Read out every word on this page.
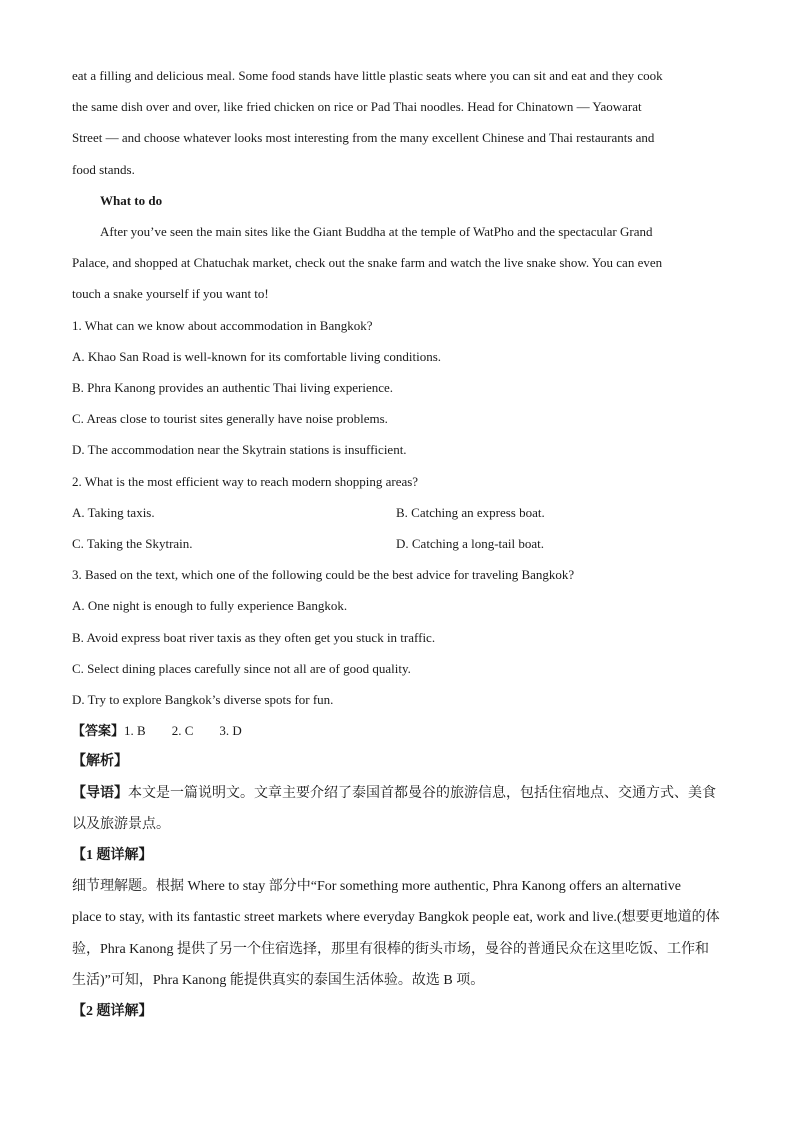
eat a filling and delicious meal. Some food stands have little plastic seats where you can sit and eat and they cook
the same dish over and over, like fried chicken on rice or Pad Thai noodles. Head for Chinatown — Yaowarat
Street — and choose whatever looks most interesting from the many excellent Chinese and Thai restaurants and
food stands.
What to do
After you’ve seen the main sites like the Giant Buddha at the temple of WatPho and the spectacular Grand
Palace, and shopped at Chatuchak market, check out the snake farm and watch the live snake show. You can even
touch a snake yourself if you want to!
1. What can we know about accommodation in Bangkok?
A. Khao San Road is well-known for its comfortable living conditions.
B. Phra Kanong provides an authentic Thai living experience.
C. Areas close to tourist sites generally have noise problems.
D. The accommodation near the Skytrain stations is insufficient.
2. What is the most efficient way to reach modern shopping areas?
A. Taking taxis.	B. Catching an express boat.
C. Taking the Skytrain.	D. Catching a long-tail boat.
3. Based on the text, which one of the following could be the best advice for traveling Bangkok?
A. One night is enough to fully experience Bangkok.
B. Avoid express boat river taxis as they often get you stuck in traffic.
C. Select dining places carefully since not all are of good quality.
D. Try to explore Bangkok’s diverse spots for fun.
【答案】1. B 2. C 3. D
【解析】
【导语】本文是一篇说明文。文章主要介绍了泰国首都曼谷的旅游信息，包括住宿地点、交通方式、美食
以及旅游景点。
【1 题详解】
细节理解题。根据 Where to stay 部分中“For something more authentic, Phra Kanong offers an alternative
place to stay, with its fantastic street markets where everyday Bangkok people eat, work and live.(想要更地道的体
验，Phra Kanong 提供了另一个住宿选择，那里有很棒的街头市场，曼谷的普通民众在这里吃饭、工作和
生活)”可知，Phra Kanong 能提供真实的泰国生活体验。故选 B 项。
【2 题详解】
